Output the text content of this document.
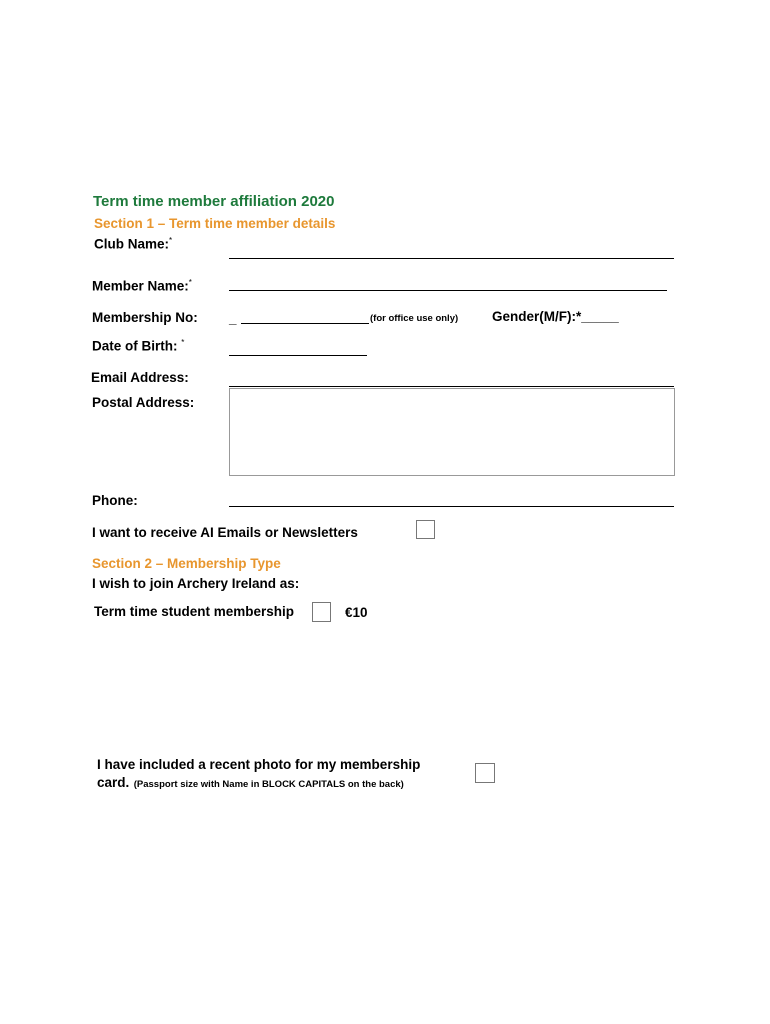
Term time member affiliation 2020
Section 1 – Term time member details
Club Name:*
Member Name:*
Membership No: _	(for office use only)	Gender(M/F):*_____
Date of Birth: *
Email Address:
Postal Address:
Phone:
I want to receive AI Emails or Newsletters
Section 2 – Membership Type
I wish to join Archery Ireland as:
Term time student membership	€10
I have included a recent photo for my membership
card. (Passport size with Name in BLOCK CAPITALS on the back)
